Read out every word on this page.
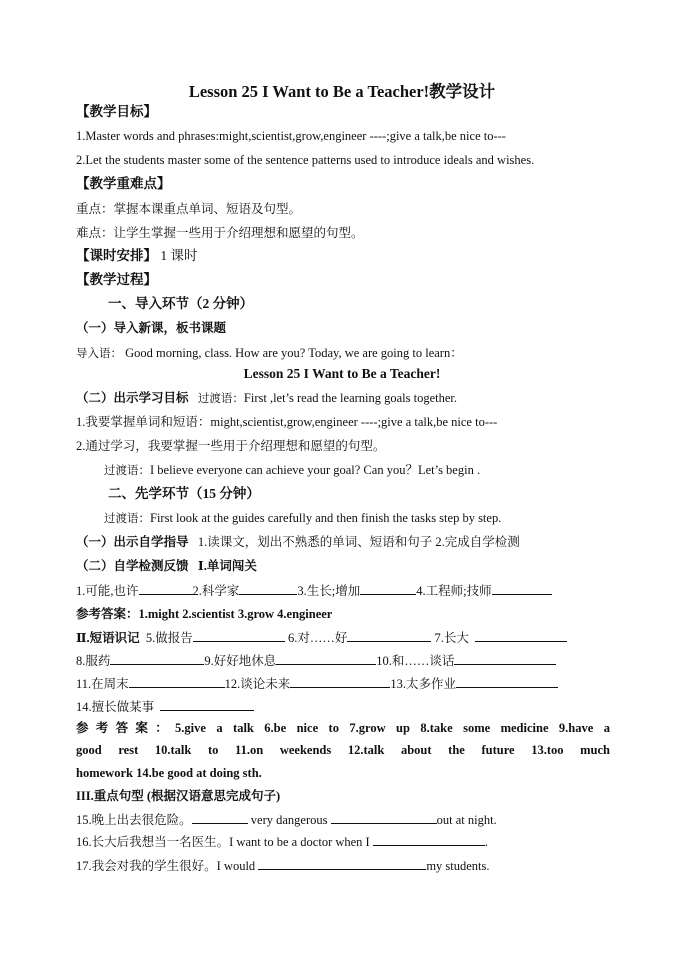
Lesson 25 I Want to Be a Teacher!教学设计
【教学目标】
1.Master words and phrases:might,scientist,grow,engineer ----;give a talk,be nice to---
2.Let the students master some of the sentence patterns used to introduce ideals and wishes.
【教学重难点】
重点：掌握本课重点单词、短语及句型。
难点：让学生掌握一些用于介绍理想和愿望的句型。
【课时安排】 1 课时
【教学过程】
一、导入环节（2 分钟）
（一）导入新课，板书课题
导入语： Good morning, class. How are you? Today, we are going to learn：
Lesson 25 I Want to Be a Teacher!
（二）出示学习目标 过渡语：First ,let’s read the learning goals together.
1.我要掌握单词和短语：might,scientist,grow,engineer ----;give a talk,be nice to---
2.通过学习，我要掌握一些用于介绍理想和愿望的句型。
过渡语：I believe everyone can achieve your goal? Can you？Let’s begin .
二、先学环节（15 分钟）
过渡语：First look at the guides carefully and then finish the tasks step by step.
（一）出示自学指导 1.读课文，划出不熟悉的单词、短语和句子 2.完成自学检测
（二）自学检测反馈 Ⅰ.单词闯关
1.可能,也许	2.科学家	3.生长;增加	4.工程师;技师
参考答案：1.might 2.scientist 3.grow 4.engineer
Ⅱ.短语识记 5.做报告	6.对……好	7.长大
8.服药	9.好好地休息	10.和……谈话
11.在周末	12.谈论未来	13.太多作业
14.擅长做某事
参考答案：5.give a talk 6.be nice to 7.grow up 8.take some medicine 9.have a
good rest 10.talk to 11.on weekends 12.talk about the future 13.too much
homework 14.be good at doing sth.
III.重点句型 (根据汉语意思完成句子)
15.晚上出去很危险。	very dangerous	out at night.
16.长大后我想当一名医生。I want to be a doctor when I	.
17.我会对我的学生很好。I would	my students.
